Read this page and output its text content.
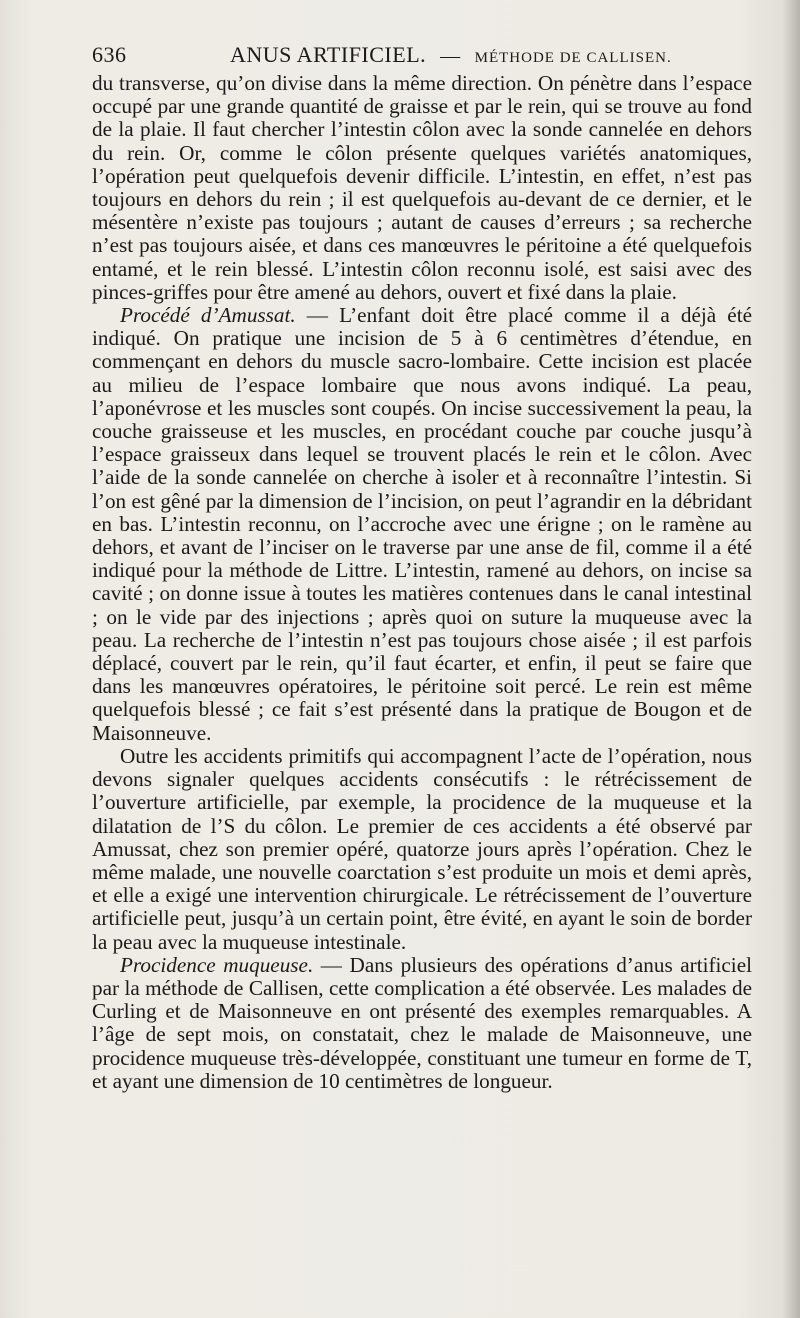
636	ANUS ARTIFICIEL. — MÉTHODE DE CALLISEN.

du transverse, qu’on divise dans la même direction. On pénètre dans l’espace occupé par une grande quantité de graisse et par le rein, qui se trouve au fond de la plaie. Il faut chercher l’intestin côlon avec la sonde cannelée en dehors du rein. Or, comme le côlon présente quelques variétés anatomiques, l’opération peut quelquefois devenir difficile. L’intestin, en effet, n’est pas toujours en dehors du rein ; il est quelquefois au-devant de ce dernier, et le mésentère n’existe pas toujours ; autant de causes d’erreurs ; sa recherche n’est pas toujours aisée, et dans ces manœuvres le péritoine a été quelquefois entamé, et le rein blessé. L’intestin côlon reconnu isolé, est saisi avec des pinces-griffes pour être amené au dehors, ouvert et fixé dans la plaie.

Procédé d’Amussat. — L’enfant doit être placé comme il a déjà été indiqué. On pratique une incision de 5 à 6 centimètres d’étendue, en commençant en dehors du muscle sacro-lombaire. Cette incision est placée au milieu de l’espace lombaire que nous avons indiqué. La peau, l’aponévrose et les muscles sont coupés. On incise successivement la peau, la couche graisseuse et les muscles, en procédant couche par couche jusqu’à l’espace graisseux dans lequel se trouvent placés le rein et le côlon. Avec l’aide de la sonde cannelée on cherche à isoler et à reconnaître l’intestin. Si l’on est gêné par la dimension de l’incision, on peut l’agrandir en la débridant en bas. L’intestin reconnu, on l’accroche avec une érigne ; on le ramène au dehors, et avant de l’inciser on le traverse par une anse de fil, comme il a été indiqué pour la méthode de Littre. L’intestin, ramené au dehors, on incise sa cavité ; on donne issue à toutes les matières contenues dans le canal intestinal ; on le vide par des injections ; après quoi on suture la muqueuse avec la peau. La recherche de l’intestin n’est pas toujours chose aisée ; il est parfois déplacé, couvert par le rein, qu’il faut écarter, et enfin, il peut se faire que dans les manœuvres opératoires, le péritoine soit percé. Le rein est même quelquefois blessé ; ce fait s’est présenté dans la pratique de Bougon et de Maisonneuve.

Outre les accidents primitifs qui accompagnent l’acte de l’opération, nous devons signaler quelques accidents consécutifs : le rétrécissement de l’ouverture artificielle, par exemple, la procidence de la muqueuse et la dilatation de l’S du côlon. Le premier de ces accidents a été observé par Amussat, chez son premier opéré, quatorze jours après l’opération. Chez le même malade, une nouvelle coarctation s’est produite un mois et demi après, et elle a exigé une intervention chirurgicale. Le rétrécissement de l’ouverture artificielle peut, jusqu’à un certain point, être évité, en ayant le soin de border la peau avec la muqueuse intestinale.

Procidence muqueuse. — Dans plusieurs des opérations d’anus artificiel par la méthode de Callisen, cette complication a été observée. Les malades de Curling et de Maisonneuve en ont présenté des exemples remarquables. A l’âge de sept mois, on constatait, chez le malade de Maisonneuve, une procidence muqueuse très-développée, constituant une tumeur en forme de T, et ayant une dimension de 10 centimètres de longueur.
